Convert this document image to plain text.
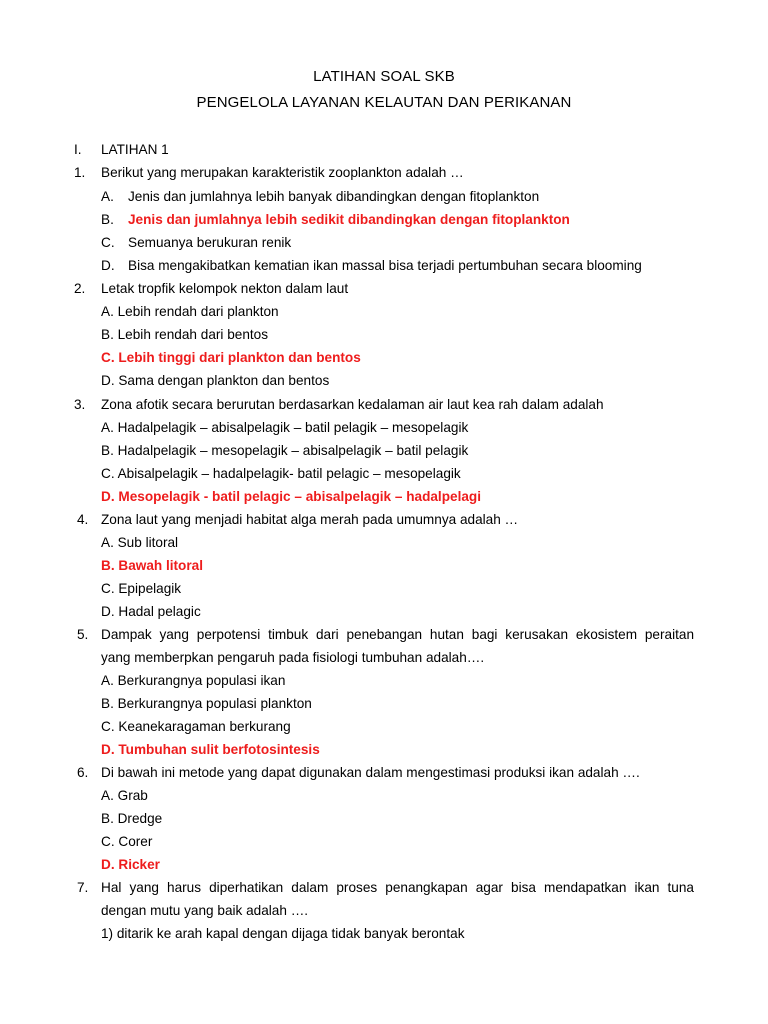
LATIHAN SOAL SKB
PENGELOLA LAYANAN KELAUTAN DAN PERIKANAN
I. LATIHAN 1
1. Berikut yang merupakan karakteristik zooplankton adalah …
A. Jenis dan jumlahnya lebih banyak dibandingkan dengan fitoplankton
B. Jenis dan jumlahnya lebih sedikit dibandingkan dengan fitoplankton
C. Semuanya berukuran renik
D. Bisa mengakibatkan kematian ikan massal bisa terjadi pertumbuhan secara blooming
2. Letak tropfik kelompok nekton dalam laut
A. Lebih rendah dari plankton
B. Lebih rendah dari bentos
C. Lebih tinggi dari plankton dan bentos
D. Sama dengan plankton dan bentos
3. Zona afotik secara berurutan berdasarkan kedalaman air laut kea rah dalam adalah
A. Hadalpelagik – abisalpelagik – batil pelagik – mesopelagik
B. Hadalpelagik – mesopelagik – abisalpelagik – batil pelagik
C. Abisalpelagik – hadalpelagik- batil pelagic – mesopelagik
D. Mesopelagik - batil pelagic – abisalpelagik – hadalpelagi
4. Zona laut yang menjadi habitat alga merah pada umumnya adalah …
A. Sub litoral
B. Bawah litoral
C. Epipelagik
D. Hadal pelagic
5. Dampak yang perpotensi timbuk dari penebangan hutan bagi kerusakan ekosistem peraitan
yang memberpkan pengaruh pada fisiologi tumbuhan adalah….
A. Berkurangnya populasi ikan
B. Berkurangnya populasi plankton
C. Keanekaragaman berkurang
D. Tumbuhan sulit berfotosintesis
6. Di bawah ini metode yang dapat digunakan dalam mengestimasi produksi ikan adalah ….
A. Grab
B. Dredge
C. Corer
D. Ricker
7. Hal yang harus diperhatikan dalam proses penangkapan agar bisa mendapatkan ikan tuna
dengan mutu yang baik adalah ….
1) ditarik ke arah kapal dengan dijaga tidak banyak berontak
